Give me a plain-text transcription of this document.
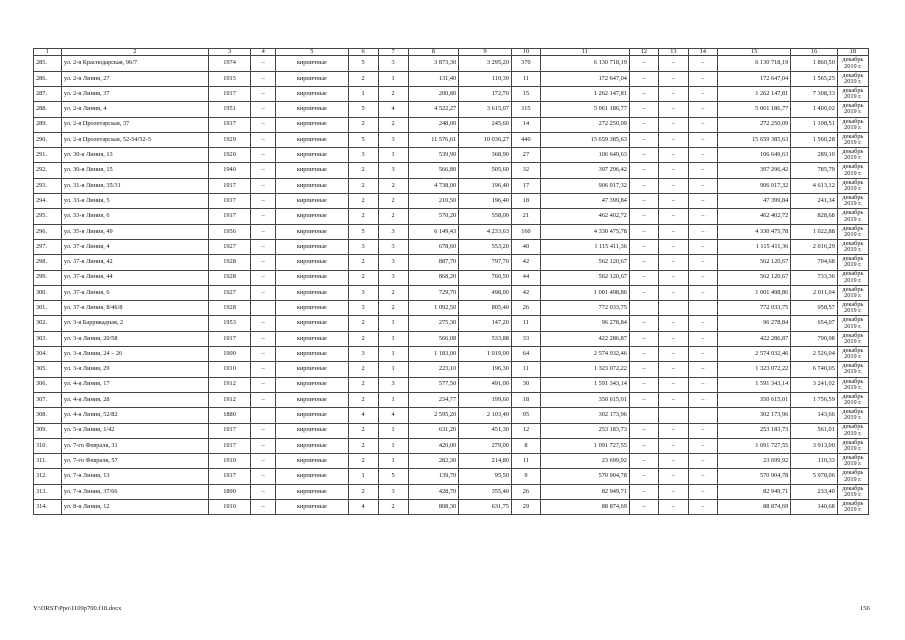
1	2	3	4	5	6	7	8	9	10	11	12	13	14	15	16	18
285.	ул. 2-я Краснодарская, 96/7	1974	–	кирпичные	5	3	3 873,30	3 295,20	370	6 130 718,19	–	–	–	6 130 718,19	1 860,50	декабрь 2019 г.
286.	ул. 2-я Линия, 27	1915	–	кирпичные	2	1	131,40	110,30	11	172 647,04	–	–	–	172 647,04	1 565,25	декабрь 2019 г.
287.	ул. 2-я Линия, 37	1917	–	кирпичные	1	2	200,80	172,70	15	1 262 147,81	–	–	–	1 262 147,81	7 308,33	декабрь 2019 г.
288.	ул. 2-я Линия, 4	1951	–	кирпичные	5	4	4 522,27	3 615,07	115	5 061 186,77	–	–	–	5 061 186,77	1 400,02	декабрь 2019 г.
289.	ул. 2-я Пролетарская, 37	1917	–	кирпичные	2	2	248,00	245,60	14	272 250,09	–	–	–	272 250,09	1 108,51	декабрь 2019 г.
290.	ул. 2-я Пролетарская, 52-54/52-5	1929	–	кирпичные	5	3	11 576,61	10 036,27	440	15 659 385,63	–	–	–	15 659 385,63	1 560,28	декабрь 2019 г.
291.	ул. 30-я Линия, 13	1920	–	кирпичные	3	1	539,90	368,90	27	106 649,63	–	–	–	106 649,63	289,10	декабрь 2019 г.
292.	ул. 30-я Линия, 15	1940	–	кирпичные	2	3	566,80	505,60	32	397 296,42	–	–	–	397 296,42	785,79	декабрь 2019 г.
293.	ул. 31-я Линия, 35/31	1917	–	кирпичные	2	2	4 738,00	196,40	17	906 017,32	–	–	–	906 017,32	4 613,12	декабрь 2019 г.
294.	ул. 33-я Линия, 5	1917	–	кирпичные	2	2	210,50	196,40	18	47 399,84	–	–	–	47 399,84	241,34	декабрь 2019 г.
295.	ул. 33-я Линия, 6	1917	–	кирпичные	2	2	570,20	558,00	21	462 402,72	–	–	–	462 402,72	828,68	декабрь 2019 г.
296.	ул. 35-я Линия, 49	1956	–	кирпичные	5	3	6 149,43	4 233,63	160	4 330 475,78	–	–	–	4 330 475,78	1 022,88	декабрь 2019 г.
297.	ул. 37-я Линия, 4	1927	–	кирпичные	3	3	678,60	553,20	40	1 115 411,36	–	–	–	1 115 411,36	2 016,29	декабрь 2019 г.
298.	ул. 37-я Линия, 42	1928	–	кирпичные	2	3	887,70	797,70	42	562 120,67	–	–	–	562 120,67	704,68	декабрь 2019 г.
299.	ул. 37-я Линия, 44	1928	–	кирпичные	2	3	868,20	766,50	44	562 120,67	–	–	–	562 120,67	733,36	декабрь 2019 г.
300.	ул. 37-я Линия, 6	1927	–	кирпичные	3	2	729,70	498,00	42	1 001 498,86	–	–	–	1 001 498,86	2 011,04	декабрь 2019 г.
301.	ул. 37-я Линия, 8/46/8	1928		кирпичные	3	2	1 092,50	805,40	26	772 033,75				772 033,75	958,57	декабрь 2019 г.
302.	ул. 3-я Баррикадная, 2	1953	–	кирпичные	2	1	275,30	147,20	11	96 278,84	–	–	–	96 278,84	654,07	декабрь 2019 г.
303.	ул. 3-я Линия, 20/58	1917	–	кирпичные	2	1	566,08	533,88	33	422 286,87	–	–	–	422 286,87	790,98	декабрь 2019 г.
304.	ул. 3-я Линия, 24 – 26	1900	–	кирпичные	3	1	1 183,00	1 019,00	64	2 574 032,46	–	–	–	2 574 032,46	2 526,04	декабрь 2019 г.
305.	ул. 3-я Линия, 29	1910	–	кирпичные	2	1	223,10	196,30	11	1 323 072,22	–	–	–	1 323 072,22	6 740,05	декабрь 2019 г.
306.	ул. 4-я Линия, 17	1912	–	кирпичные	2	3	577,50	491,00	30	1 591 343,14	–	–	–	1 591 343,14	3 241,02	декабрь 2019 г.
307.	ул. 4-я Линия, 28	1912	–	кирпичные	2	1	234,77	199,60	18	350 615,01	–	–	–	350 615,01	1 756,59	декабрь 2019 г.
308.	ул. 4-я Линия, 52/82	1880		кирпичные	4	4	2 595,20	2 103,40	95	302 173,96				302 173,96	143,66	декабрь 2019 г.
309.	ул. 5-я Линия, 1/42	1917	–	кирпичные	2	1	631,20	451,30	12	253 183,73	–	–	–	253 183,73	561,01	декабрь 2019 г.
310.	ул. 7-го Февраля, 31	1917	–	кирпичные	2	1	420,00	279,00	8	1 091 727,55	–	–	–	1 091 727,55	3 913,00	декабрь 2019 г.
311.	ул. 7-го Февраля, 57	1910	–	кирпичные	2	1	282,30	214,80	11	23 699,92	–	–	–	23 699,92	110,33	декабрь 2019 г.
312.	ул. 7-я Линия, 13	1917	–	кирпичные	1	5	139,70	95,50	9	570 904,78	–	–	–	570 904,78	5 978,06	декабрь 2019 г.
313.	ул. 7-я Линия, 37/66	1890	–	кирпичные	2	3	428,70	355,40	26	82 949,71	–	–	–	82 949,71	233,40	декабрь 2019 г.
314.	ул. 8-я Линия, 12	1910	–	кирпичные	4	2	808,30	631,75	29	88 874,69	–	–	–	88 874,69	140,68	декабрь 2019 г.
Y:\ORST\Ppo\1109p700.f18.docx	156
